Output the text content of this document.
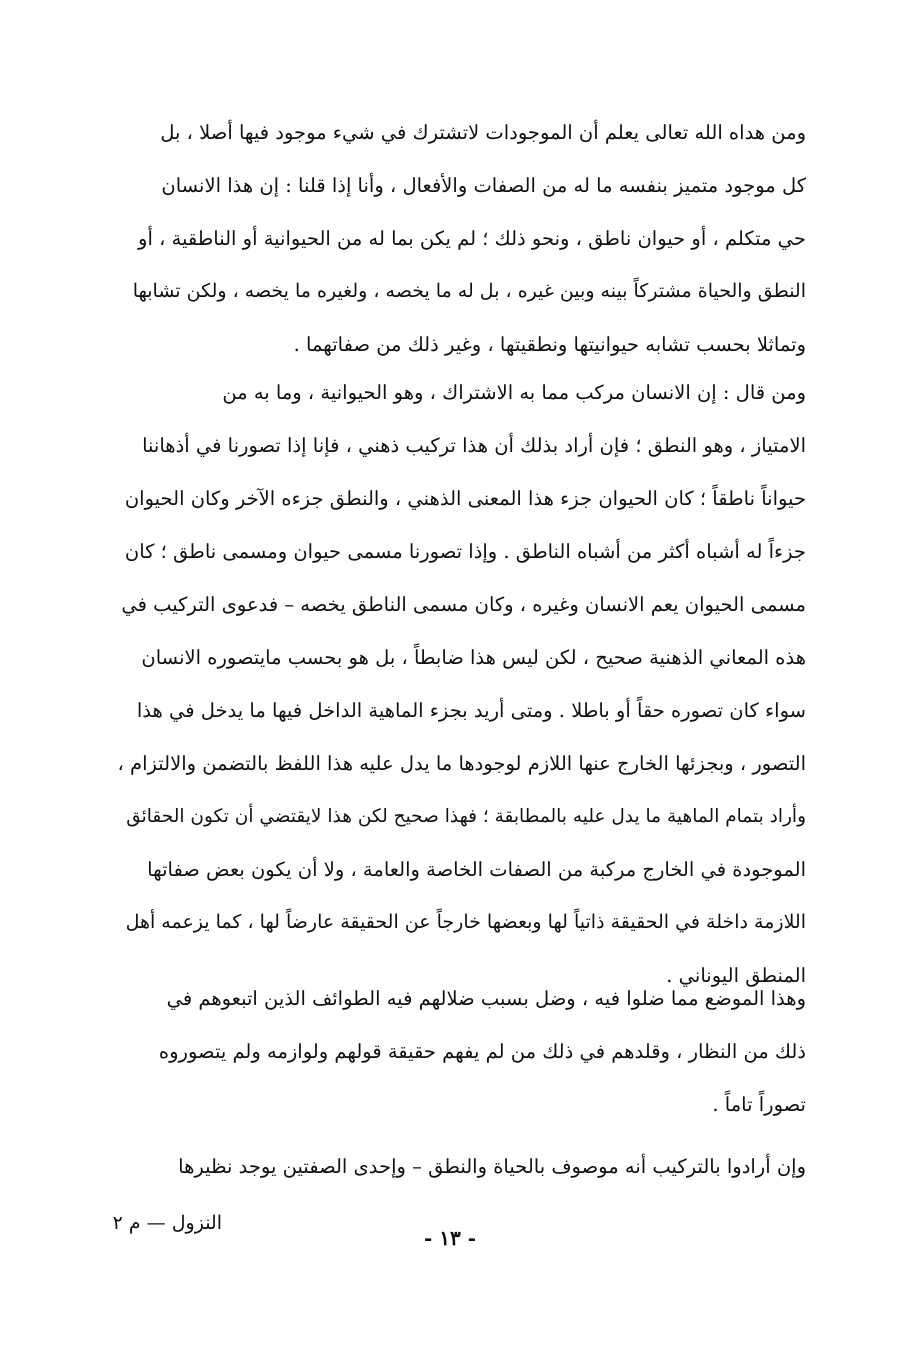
ومن هداه الله تعالى يعلم أن الموجودات لاتشترك في شيء موجود فيها أصلا ، بل
كل موجود متميز بنفسه ما له من الصفات والأفعال ، وأنا إذا قلنا : إن هذا الانسان
حي متكلم ، أو حيوان ناطق ، ونحو ذلك ؛ لم يكن بما له من الحيوانية أو الناطقية ، أو
النطق والحياة مشتركاً بينه وبين غيره ، بل له ما يخصه ، ولغيره ما يخصه ، ولكن تشابها
وتماثلا بحسب تشابه حيوانيتها ونطقيتها ، وغير ذلك من صفاتهما .
ومن قال : إن الانسان مركب مما به الاشتراك ، وهو الحيوانية ، وما به من
الامتياز ، وهو النطق ؛ فإن أراد بذلك أن هذا تركيب ذهني ، فإنا إذا تصورنا في أذهاننا
حيواناً ناطقاً ؛ كان الحيوان جزء هذا المعنى الذهني ، والنطق جزءه الآخر وكان الحيوان
جزءاً له أشباه أكثر من أشباه الناطق . وإذا تصورنا مسمى حيوان ومسمى ناطق ؛ كان
مسمى الحيوان يعم الانسان وغيره ، وكان مسمى الناطق يخصه – فدعوى التركيب في
هذه المعاني الذهنية صحيح ، لكن ليس هذا ضابطاً ، بل هو بحسب مايتصوره الانسان
سواء كان تصوره حقاً أو باطلا . ومتى أريد بجزء الماهية الداخل فيها ما يدخل في هذا
التصور ، وبجزئها الخارج عنها اللازم لوجودها ما يدل عليه هذا اللفظ بالتضمن والالتزام ،
وأراد بتمام الماهية ما يدل عليه بالمطابقة ؛ فهذا صحيح لكن هذا لايقتضي أن تكون الحقائق
الموجودة في الخارج مركبة من الصفات الخاصة والعامة ، ولا أن يكون بعض صفاتها
اللازمة داخلة في الحقيقة ذاتياً لها وبعضها خارجاً عن الحقيقة عارضاً لها ، كما يزعمه أهل
المنطق اليوناني .
وهذا الموضع مما ضلوا فيه ، وضل بسبب ضلالهم فيه الطوائف الذين اتبعوهم في
ذلك من النظار ، وقلدهم في ذلك من لم يفهم حقيقة قولهم ولوازمه ولم يتصوروه
تصوراً تاماً .
وإن أرادوا بالتركيب أنه موصوف بالحياة والنطق – وإحدى الصفتين يوجد نظيرها
النزول — م ٢
- ١٣ -
